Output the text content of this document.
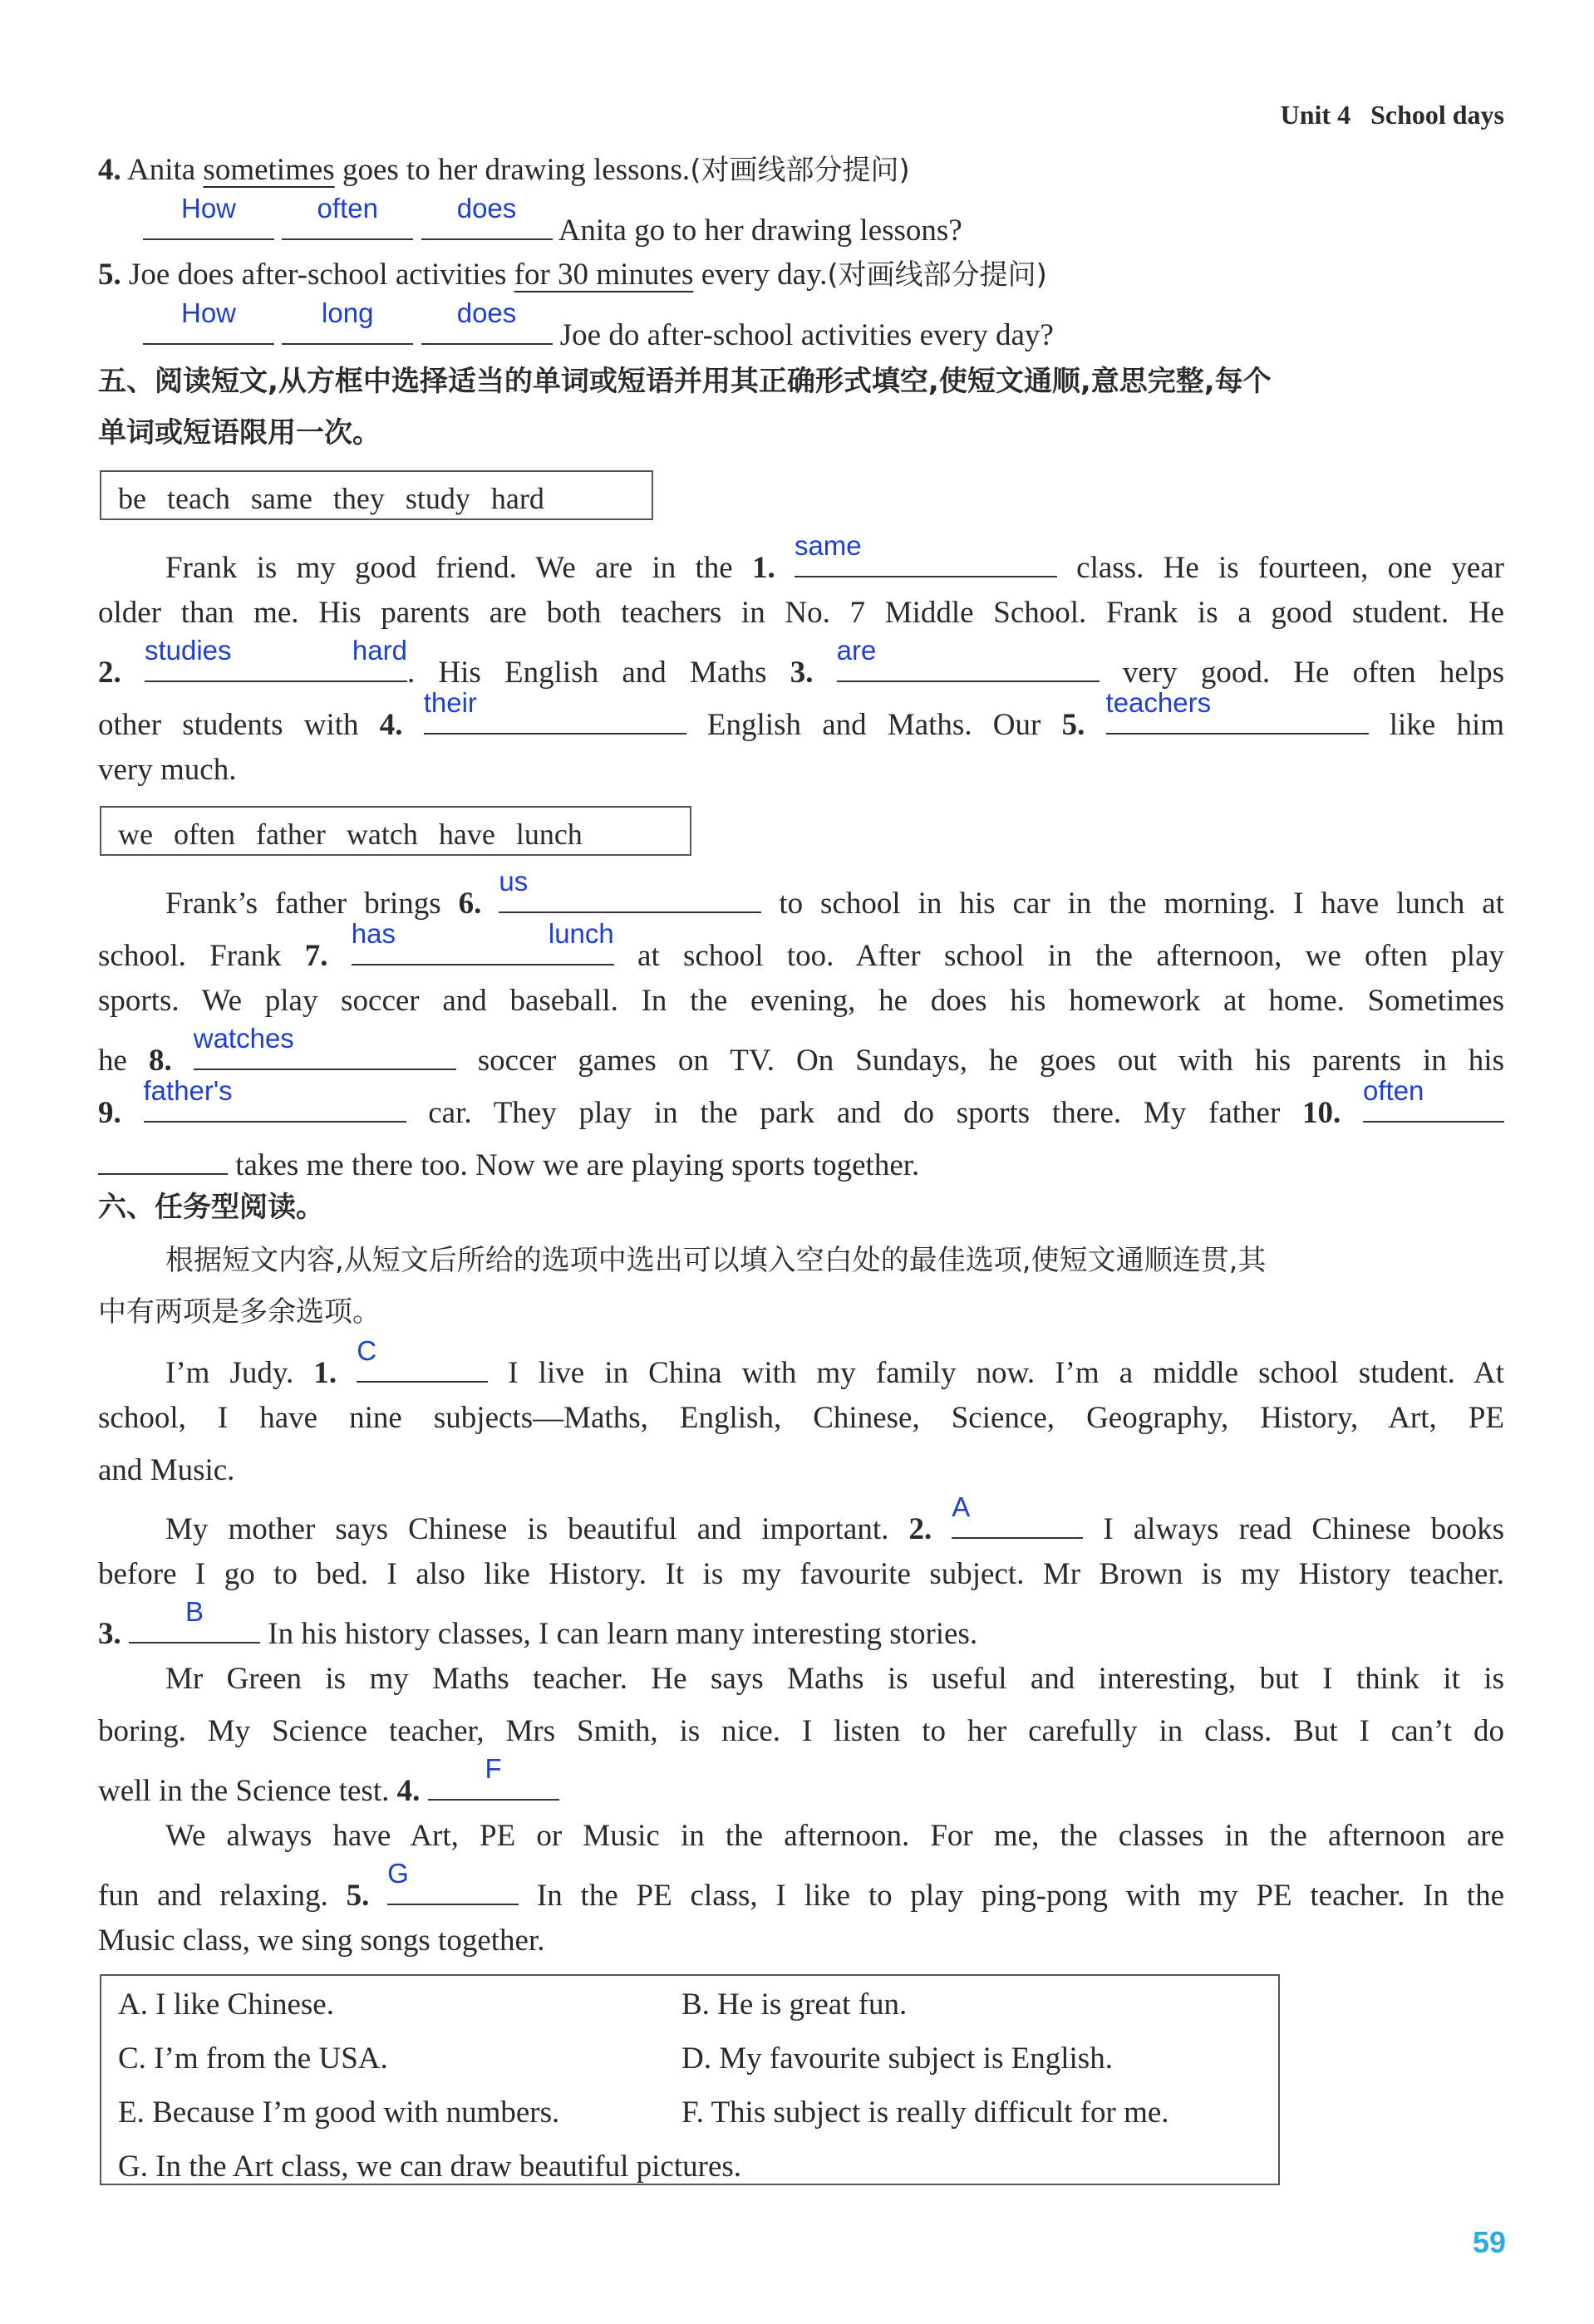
Unit 4 School days
4. Anita sometimes goes to her drawing lessons.(对画线部分提问)
How
	often
	does
Anita go to her drawing lessons?
5. Joe does after-school activities for 30 minutes every day.(对画线部分提问)
How
	long
	does
Joe do after-school activities every day?
五、阅读短文,从方框中选择适当的单词或短语并用其正确形式填空,使短文通顺,意思完整,每个
单词或短语限用一次。
be teach same they study hard
Frank is my good friend. We are in the 1.
same
class. He is fourteen, one year
older than me. His parents are both teachers in No. 7 Middle School. Frank is a good student. He
2.
studies hard
. His English and Maths 3.
are
very good. He often helps
other students with 4.
their
English and Maths. Our 5.
teachers
like him
very much.
we often father watch have lunch
Frank’s father brings 6.
us
to school in his car in the morning. I have lunch at
school. Frank 7.
has lunch
at school too. After school in the afternoon, we often play
sports. We play soccer and baseball. In the evening, he does his homework at home. Sometimes
he 8.
watches
soccer games on TV. On Sundays, he goes out with his parents in his
9.
father's
car. They play in the park and do sports there. My father 10.
often
takes me there too. Now we are playing sports together.
六、任务型阅读。
根据短文内容,从短文后所给的选项中选出可以填入空白处的最佳选项,使短文通顺连贯,其
中有两项是多余选项。
I’m Judy. 1.
C
I live in China with my family now. I’m a middle school student. At
school, I have nine subjects—Maths, English, Chinese, Science, Geography, History, Art, PE
and Music.
My mother says Chinese is beautiful and important. 2.
A
I always read Chinese books
before I go to bed. I also like History. It is my favourite subject. Mr Brown is my History teacher.
3.
B
In his history classes, I can learn many interesting stories.
Mr Green is my Maths teacher. He says Maths is useful and interesting, but I think it is
boring. My Science teacher, Mrs Smith, is nice. I listen to her carefully in class. But I can’t do
well in the Science test. 4.
F
We always have Art, PE or Music in the afternoon. For me, the classes in the afternoon are
fun and relaxing. 5.
G
In the PE class, I like to play ping-pong with my PE teacher. In the
Music class, we sing songs together.
A. I like Chinese.	B. He is great fun.
C. I’m from the USA.	D. My favourite subject is English.
E. Because I’m good with numbers.	F. This subject is really difficult for me.
G. In the Art class, we can draw beautiful pictures.
59
